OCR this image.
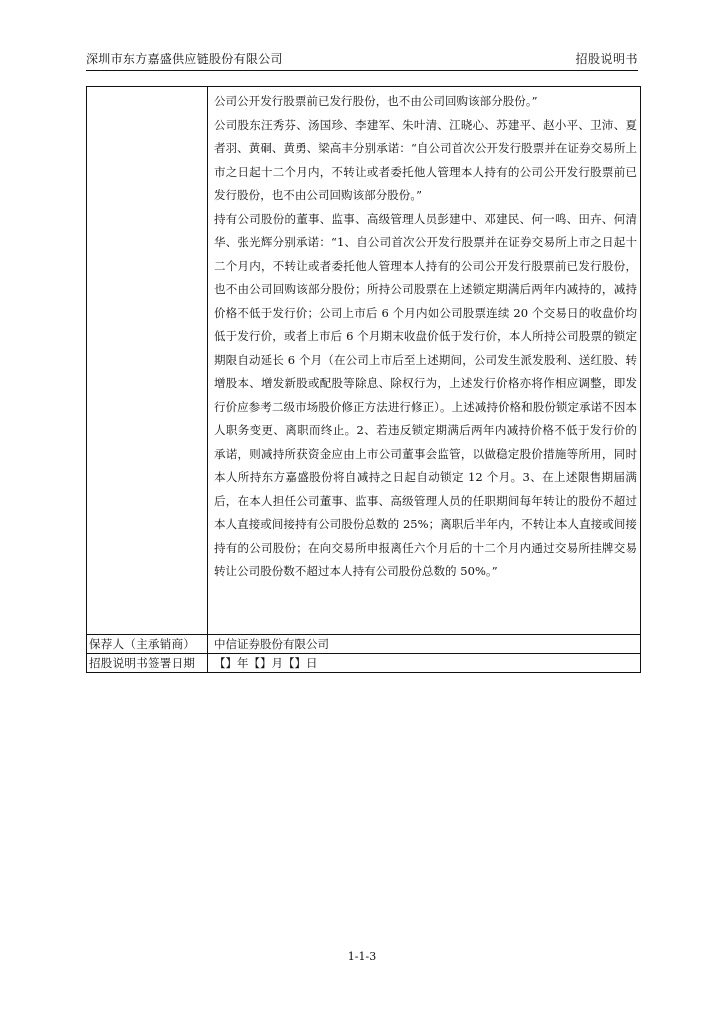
深圳市东方嘉盛供应链股份有限公司	招股说明书

公司公开发行股票前已发行股份，也不由公司回购该部分股份。”

公司股东汪秀芬、汤国珍、李建军、朱叶清、江晓心、苏建平、赵小平、卫沛、夏者羽、黄硐、黄勇、梁高丰分别承诺：“自公司首次公开发行股票并在证券交易所上市之日起十二个月内，不转让或者委托他人管理本人持有的公司公开发行股票前已发行股份，也不由公司回购该部分股份。”

持有公司股份的董事、监事、高级管理人员彭建中、邓建民、何一鸣、田卉、何清华、张光辉分别承诺：“1、自公司首次公开发行股票并在证券交易所上市之日起十二个月内，不转让或者委托他人管理本人持有的公司公开发行股票前已发行股份，也不由公司回购该部分股份；所持公司股票在上述锁定期满后两年内减持的，减持价格不低于发行价；公司上市后 6 个月内如公司股票连续 20 个交易日的收盘价均低于发行价，或者上市后 6 个月期末收盘价低于发行价，本人所持公司股票的锁定期限自动延长 6 个月（在公司上市后至上述期间，公司发生派发股利、送红股、转增股本、增发新股或配股等除息、除权行为，上述发行价格亦将作相应调整，即发行价应参考二级市场股价修正方法进行修正）。上述减持价格和股份锁定承诺不因本人职务变更、离职而终止。2、若违反锁定期满后两年内减持价格不低于发行价的承诺，则减持所获资金应由上市公司董事会监管，以做稳定股价措施等所用，同时本人所持东方嘉盛股份将自减持之日起自动锁定 12 个月。3、在上述限售期届满后，在本人担任公司董事、监事、高级管理人员的任职期间每年转让的股份不超过本人直接或间接持有公司股份总数的 25%；离职后半年内，不转让本人直接或间接持有的公司股份；在向交易所申报离任六个月后的十二个月内通过交易所挂牌交易转让公司股份数不超过本人持有公司股份总数的 50%。”

保荐人（主承销商）	中信证券股份有限公司
招股说明书签署日期	【】年【】月【】日
1-1-3
